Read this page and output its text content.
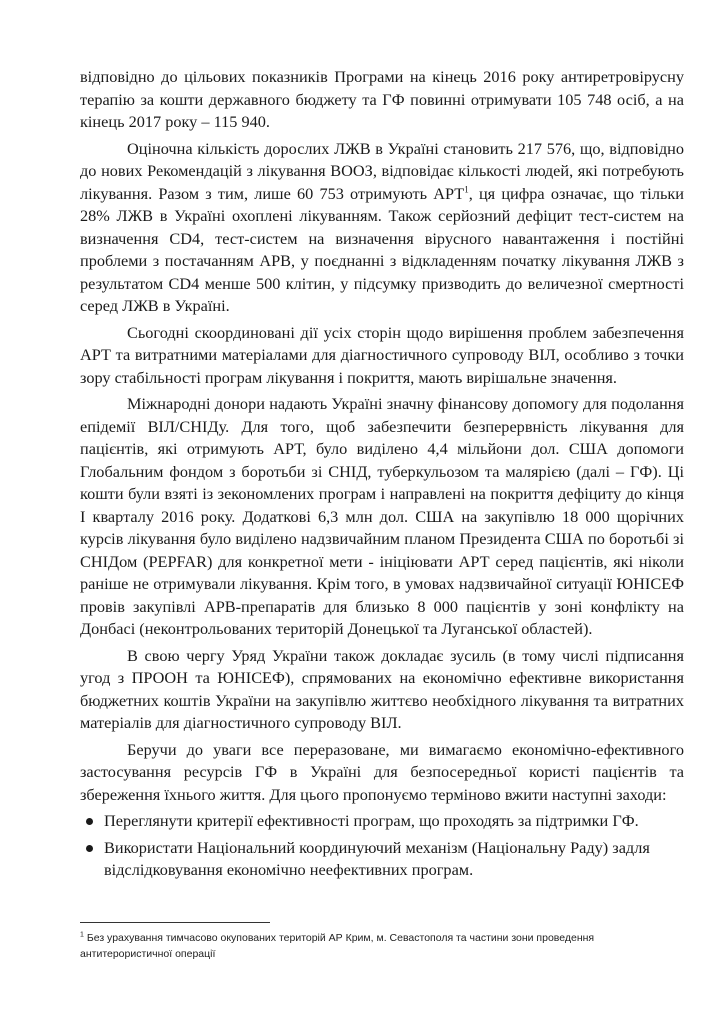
відповідно до цільових показників Програми на кінець 2016 року антиретровірусну терапію за кошти державного бюджету та ГФ повинні отримувати 105 748 осіб, а на кінець 2017 року – 115 940.

Оціночна кількість дорослих ЛЖВ в Україні становить 217 576, що, відповідно до нових Рекомендацій з лікування ВООЗ, відповідає кількості людей, які потребують лікування. Разом з тим, лише 60 753 отримують АРТ$^1$, ця цифра означає, що тільки 28% ЛЖВ в Україні охоплені лікуванням. Також серйозний дефіцит тест-систем на визначення CD4, тест-систем на визначення вірусного навантаження і постійні проблеми з постачанням АРВ, у поєднанні з відкладенням початку лікування ЛЖВ з результатом CD4 менше 500 клітин, у підсумку призводить до величезної смертності серед ЛЖВ в Україні.

Сьогодні скоординовані дії усіх сторін щодо вирішення проблем забезпечення АРТ та витратними матеріалами для діагностичного супроводу ВІЛ, особливо з точки зору стабільності програм лікування і покриття, мають вирішальне значення.

Міжнародні донори надають Україні значну фінансову допомогу для подолання епідемії ВІЛ/СНІДу. Для того, щоб забезпечити безперервність лікування для пацієнтів, які отримують АРТ, було виділено 4,4 мільйони дол. США допомоги Глобальним фондом з боротьби зі СНІД, туберкульозом та малярією (далі – ГФ). Ці кошти були взяті із зекономлених програм і направлені на покриття дефіциту до кінця І кварталу 2016 року. Додаткові 6,3 млн дол. США на закупівлю 18 000 щорічних курсів лікування було виділено надзвичайним планом Президента США по боротьбі зі СНІДом (PEPFAR) для конкретної мети - ініціювати АРТ серед пацієнтів, які ніколи раніше не отримували лікування. Крім того, в умовах надзвичайної ситуації ЮНІСЕФ провів закупівлі АРВ-препаратів для близько 8 000 пацієнтів у зоні конфлікту на Донбасі (неконтрольованих територій Донецької та Луганської областей).

В свою чергу Уряд України також докладає зусиль (в тому числі підписання угод з ПРООН та ЮНІСЕФ), спрямованих на економічно ефективне використання бюджетних коштів України на закупівлю життєво необхідного лікування та витратних матеріалів для діагностичного супроводу ВІЛ.

Беручи до уваги все переразоване, ми вимагаємо економічно-ефективного застосування ресурсів ГФ в Україні для безпосередньої користі пацієнтів та збереження їхнього життя. Для цього пропонуємо терміново вжити наступні заходи:

Переглянути критерії ефективності програм, що проходять за підтримки ГФ.
Використати Національний координуючий механізм (Національну Раду) задля відслідковування економічно неефективних програм.
$^1$ Без урахування тимчасово окупованих територій АР Крим, м. Севастополя та частини зони проведення антитерористичної операції
